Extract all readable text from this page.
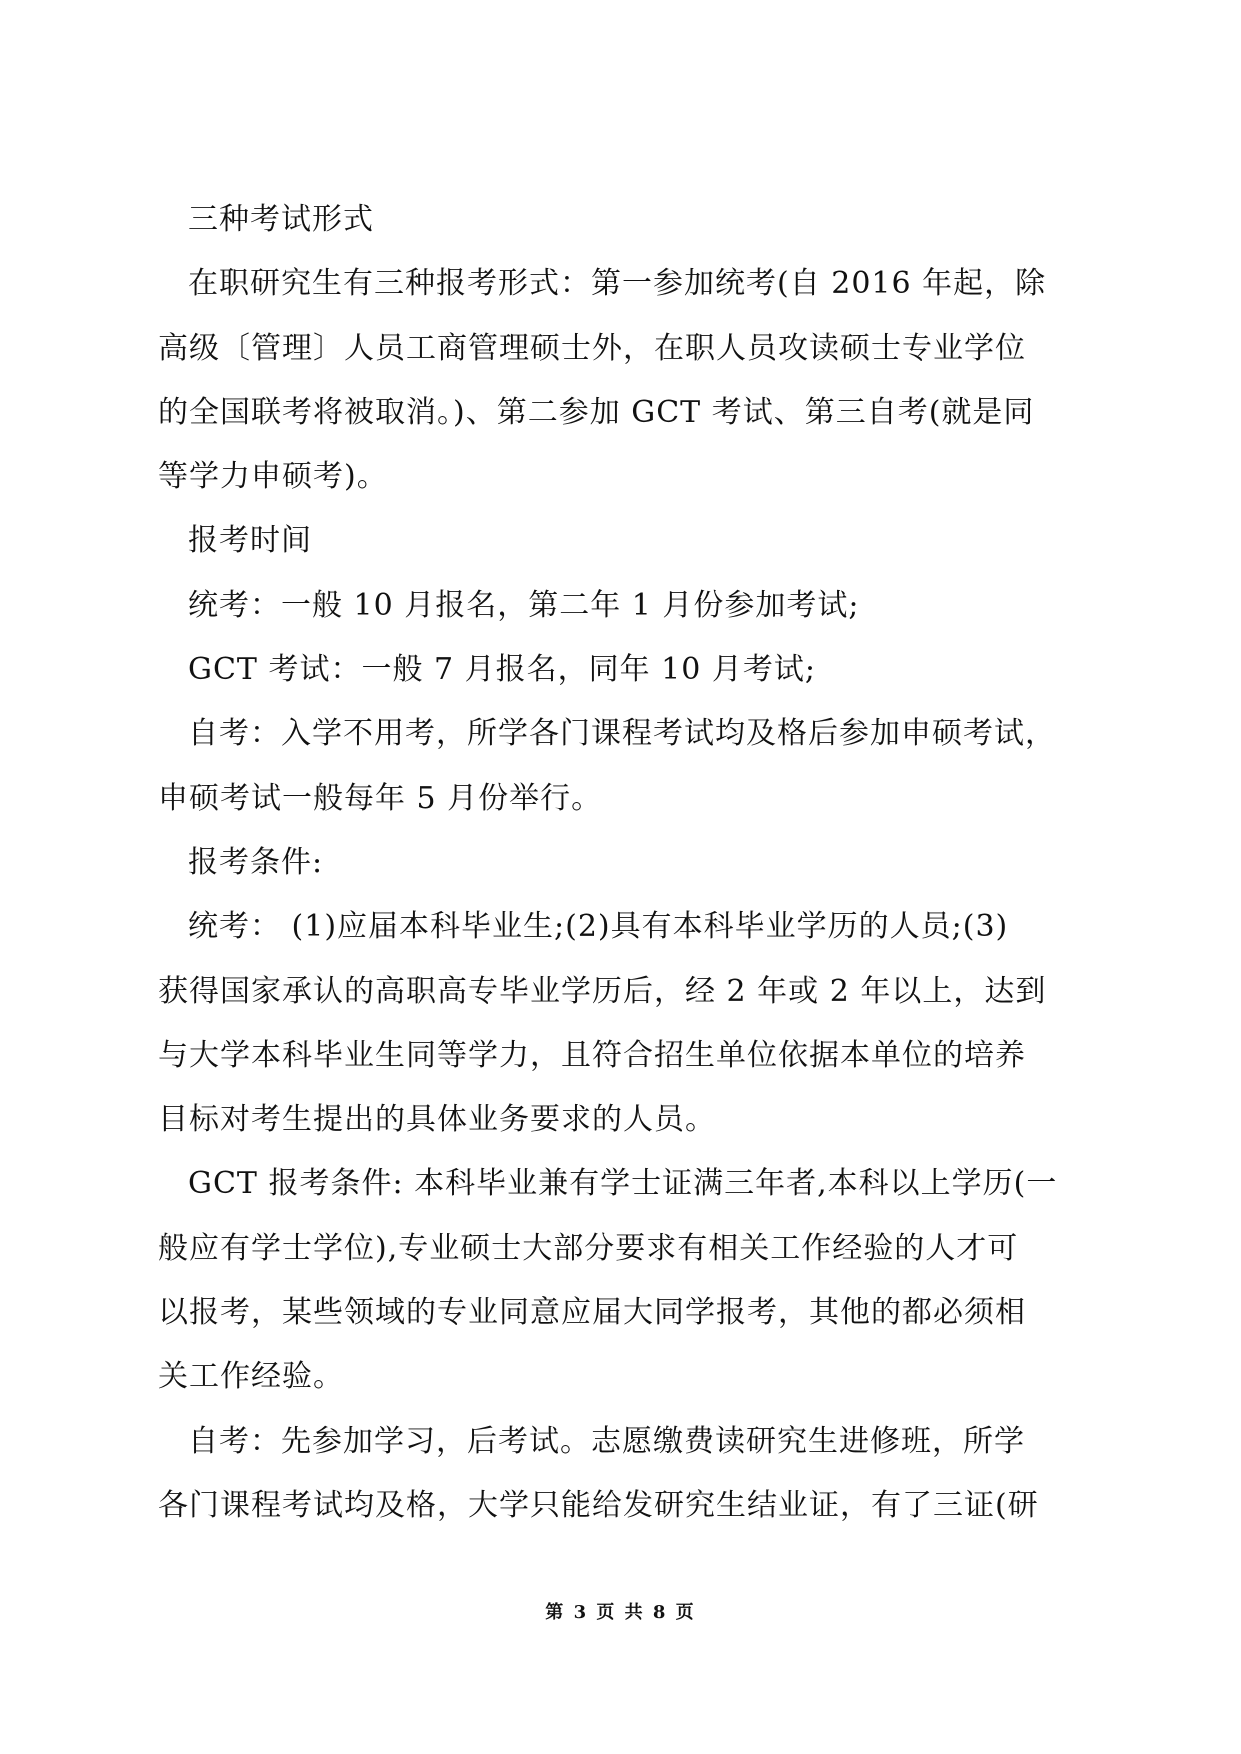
三种考试形式
在职研究生有三种报考形式：第一参加统考(自 2016 年起，除
高级〔管理〕人员工商管理硕士外，在职人员攻读硕士专业学位
的全国联考将被取消。)、第二参加 GCT 考试、第三自考(就是同
等学力申硕考)。
报考时间
统考：一般 10 月报名，第二年 1 月份参加考试;
GCT 考试：一般 7 月报名，同年 10 月考试;
自考：入学不用考，所学各门课程考试均及格后参加申硕考试，
申硕考试一般每年 5 月份举行。
报考条件:
统考： (1)应届本科毕业生;(2)具有本科毕业学历的人员;(3)
获得国家承认的高职高专毕业学历后，经 2 年或 2 年以上，达到
与大学本科毕业生同等学力，且符合招生单位依据本单位的培养
目标对考生提出的具体业务要求的人员。
GCT 报考条件: 本科毕业兼有学士证满三年者,本科以上学历(一
般应有学士学位),专业硕士大部分要求有相关工作经验的人才可
以报考，某些领域的专业同意应届大同学报考，其他的都必须相
关工作经验。
自考：先参加学习，后考试。志愿缴费读研究生进修班，所学
各门课程考试均及格，大学只能给发研究生结业证，有了三证(研
第 3 页 共 8 页
